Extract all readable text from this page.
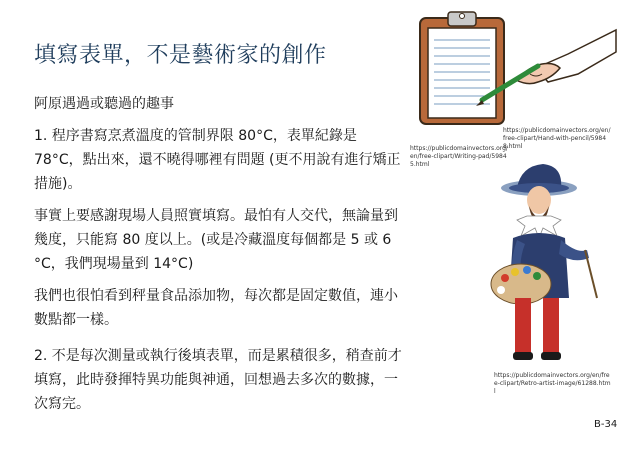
填寫表單，不是藝術家的創作
阿原遇過或聽過的趣事
1. 程序書寫烹煮溫度的管制界限 80°C，表單紀錄是 78°C，點出來，還不曉得哪裡有問題 (更不用說有進行矯正措施)。
事實上要感謝現場人員照實填寫。最怕有人交代，無論量到幾度，只能寫 80 度以上。(或是冷藏溫度每個都是 5 或 6 °C，我們現場量到 14°C)
我們也很怕看到秤量食品添加物，每次都是固定數值，連小數點都一樣。
2. 不是每次測量或執行後填表單，而是累積很多，稍查前才填寫，此時發揮特異功能與神通，回想過去多次的數據，一次寫完。
https://publicdomainvectors.org/en/free-clipart/Hand-with-pencil/59848.html
https://publicdomainvectors.org/en/free-clipart/Writing-pad/59845.html
https://publicdomainvectors.org/en/free-clipart/Retro-artist-image/61288.html
B-34
